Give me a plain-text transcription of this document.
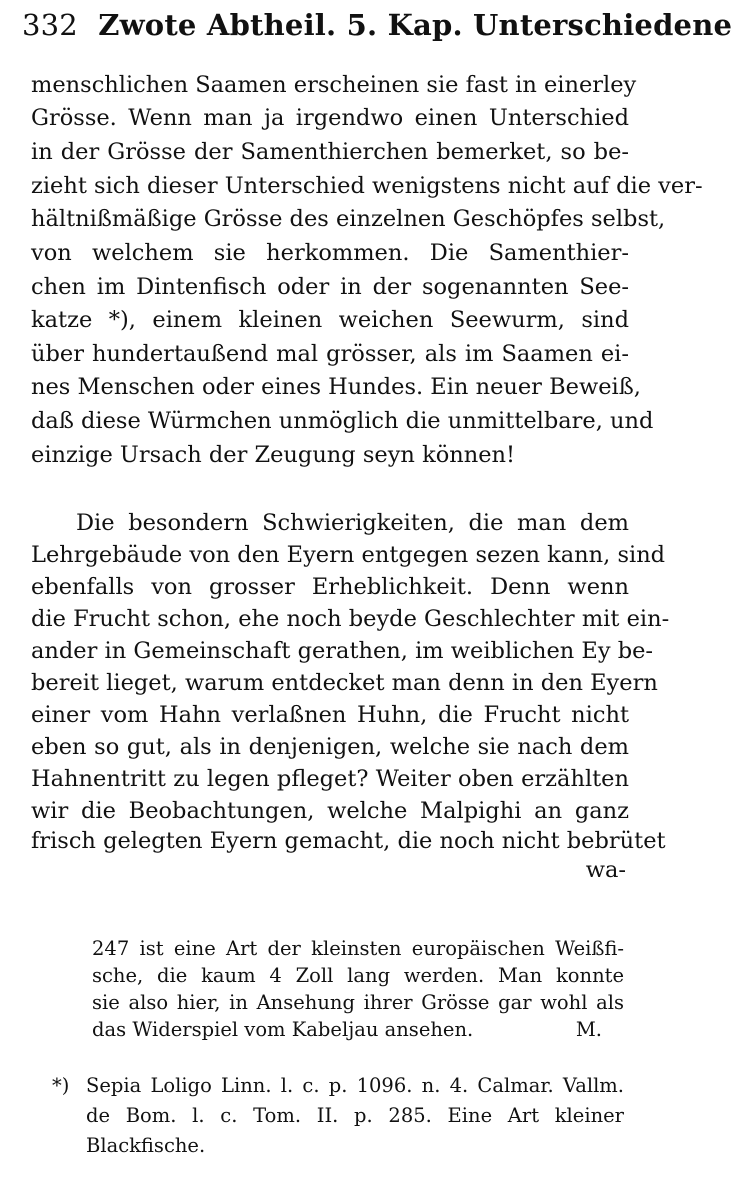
332 Zwote Abtheil. 5. Kap. Unterschiedene
menschlichen Saamen erscheinen sie fast in einerley
Grösse. Wenn man ja irgendwo einen Unterschied
in der Grösse der Samenthierchen bemerket, so be-
zieht sich dieser Unterschied wenigstens nicht auf die ver-
hältnißmäßige Grösse des einzelnen Geschöpfes selbst,
von welchem sie herkommen. Die Samenthier-
chen im Dintenfisch oder in der sogenannten See-
katze *), einem kleinen weichen Seewurm, sind
über hundertaußend mal grösser, als im Saamen ei-
nes Menschen oder eines Hundes. Ein neuer Beweiß,
daß diese Würmchen unmöglich die unmittelbare, und
einzige Ursach der Zeugung seyn können!
Die besondern Schwierigkeiten, die man dem
Lehrgebäude von den Eyern entgegen sezen kann, sind
ebenfalls von grosser Erheblichkeit. Denn wenn
die Frucht schon, ehe noch beyde Geschlechter mit ein-
ander in Gemeinschaft gerathen, im weiblichen Ey be-
bereit lieget, warum entdecket man denn in den Eyern
einer vom Hahn verlaßnen Huhn, die Frucht nicht
eben so gut, als in denjenigen, welche sie nach dem
Hahnentritt zu legen pfleget? Weiter oben erzählten
wir die Beobachtungen, welche Malpighi an ganz
frisch gelegten Eyern gemacht, die noch nicht bebrütet
wa-
247 ist eine Art der kleinsten europäischen Weißfi-
sche, die kaum 4 Zoll lang werden. Man konnte
sie also hier, in Ansehung ihrer Grösse gar wohl als
das Widerspiel vom Kabeljau ansehen.	M.
*) Sepia Loligo Linn. l. c. p. 1096. n. 4. Calmar. Vallm.
de Bom. l. c. Tom. II. p. 285. Eine Art kleiner
Blackfische.
